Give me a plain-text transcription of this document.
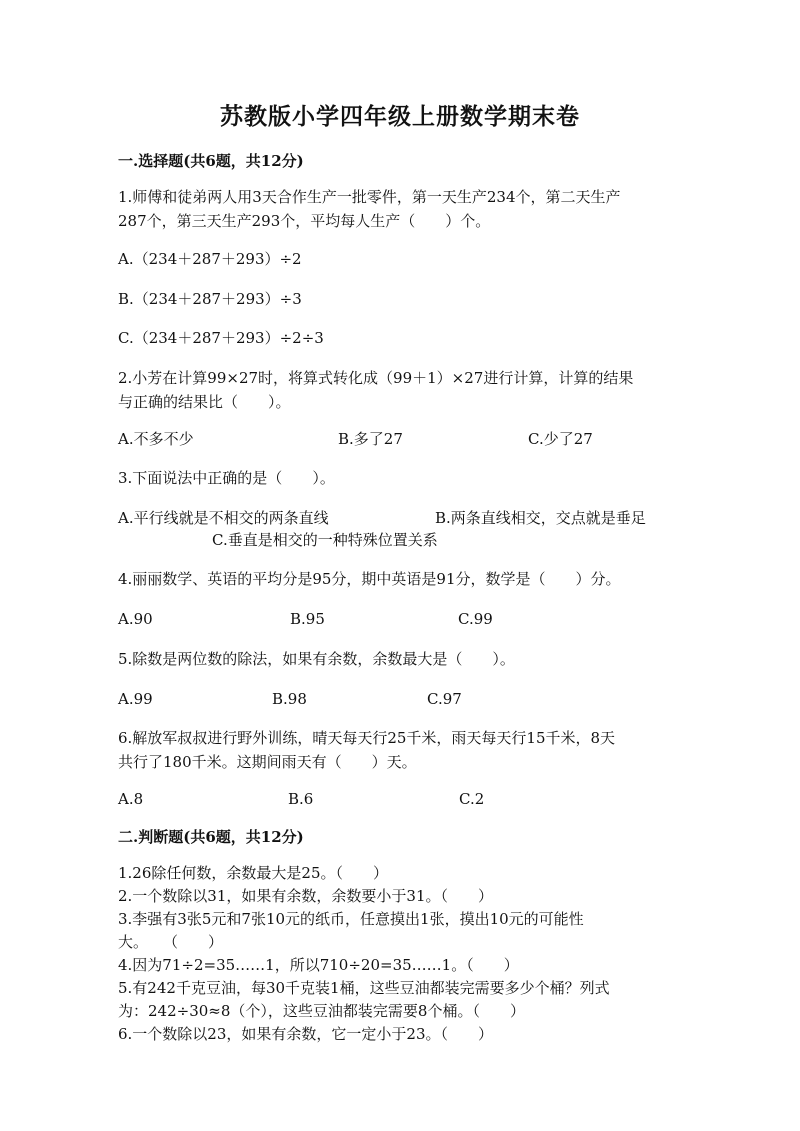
苏教版小学四年级上册数学期末卷
一.选择题(共6题，共12分)
1.师傅和徒弟两人用3天合作生产一批零件，第一天生产234个，第二天生产
287个，第三天生产293个，平均每人生产（　　）个。
A.（234＋287＋293）÷2
B.（234＋287＋293）÷3
C.（234＋287＋293）÷2÷3
2.小芳在计算99×27时，将算式转化成（99＋1）×27进行计算，计算的结果
与正确的结果比（　　）。
A.不多不少	B.多了27	C.少了27
3.下面说法中正确的是（　　）。
A.平行线就是不相交的两条直线	B.两条直线相交，交点就是垂足
C.垂直是相交的一种特殊位置关系
4.丽丽数学、英语的平均分是95分，期中英语是91分，数学是（　　）分。
A.90	B.95	C.99
5.除数是两位数的除法，如果有余数，余数最大是（　　）。
A.99	B.98	C.97
6.解放军叔叔进行野外训练，晴天每天行25千米，雨天每天行15千米，8天
共行了180千米。这期间雨天有（　　）天。
A.8	B.6	C.2
二.判断题(共6题，共12分)
1.26除任何数，余数最大是25。（　　）
2.一个数除以31，如果有余数，余数要小于31。（　　）
3.李强有3张5元和7张10元的纸币，任意摸出1张，摸出10元的可能性
大。　　（　　）
4.因为71÷2=35……1，所以710÷20=35……1。（　　）
5.有242千克豆油，每30千克装1桶，这些豆油都装完需要多少个桶？列式
为：242÷30≈8（个），这些豆油都装完需要8个桶。（　　）
6.一个数除以23，如果有余数，它一定小于23。（　　）
